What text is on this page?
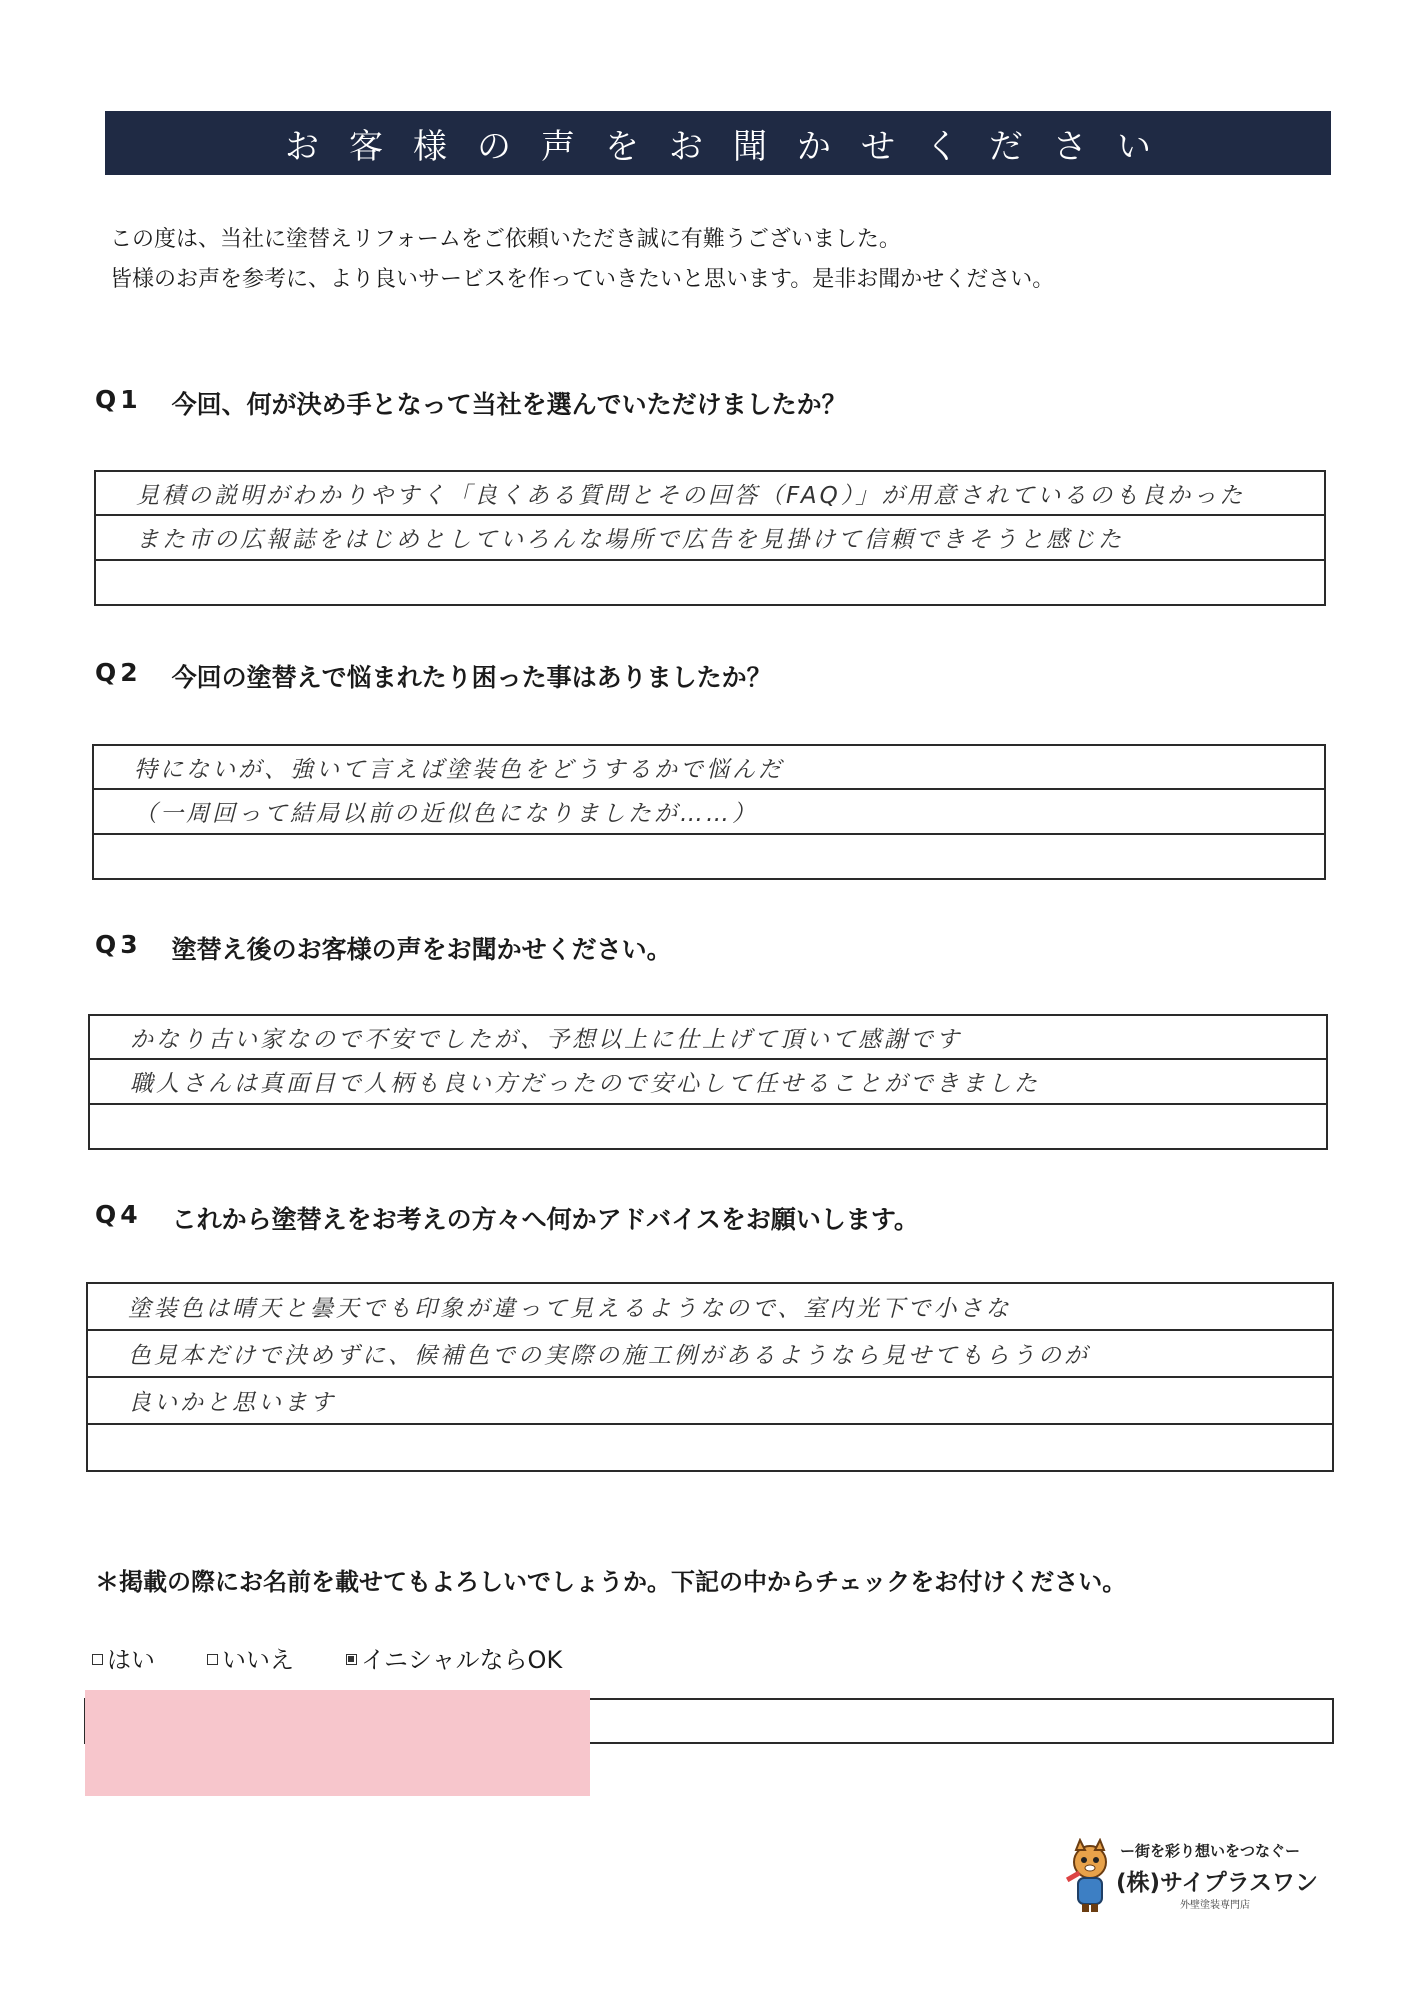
お客様の声をお聞かせください
この度は、当社に塗替えリフォームをご依頼いただき誠に有難うございました。
皆様のお声を参考に、より良いサービスを作っていきたいと思います。是非お聞かせください。
Q1 今回、何が決め手となって当社を選んでいただけましたか？
見積の説明がわかりやすく「良くある質問とその回答（FAQ）」が用意されているのも良かった
また市の広報誌をはじめとしていろんな場所で広告を見掛けて信頼できそうと感じた
Q2 今回の塗替えで悩まれたり困った事はありましたか？
特にないが、強いて言えば塗装色をどうするかで悩んだ
（一周回って結局以前の近似色になりましたが……）
Q3 塗替え後のお客様の声をお聞かせください。
かなり古い家なので不安でしたが、予想以上に仕上げて頂いて感謝です
職人さんは真面目で人柄も良い方だったので安心して任せることができました
Q4 これから塗替えをお考えの方々へ何かアドバイスをお願いします。
塗装色は晴天と曇天でも印象が違って見えるようなので、室内光下で小さな
色見本だけで決めずに、候補色での実際の施工例があるようなら見せてもらうのが
良いかと思います
＊掲載の際にお名前を載せてもよろしいでしょうか。下記の中からチェックをお付けください。
はい	いいえ	イニシャルならOK
ー街を彩り想いをつなぐー
(株)サイプラスワン
外壁塗装専門店
